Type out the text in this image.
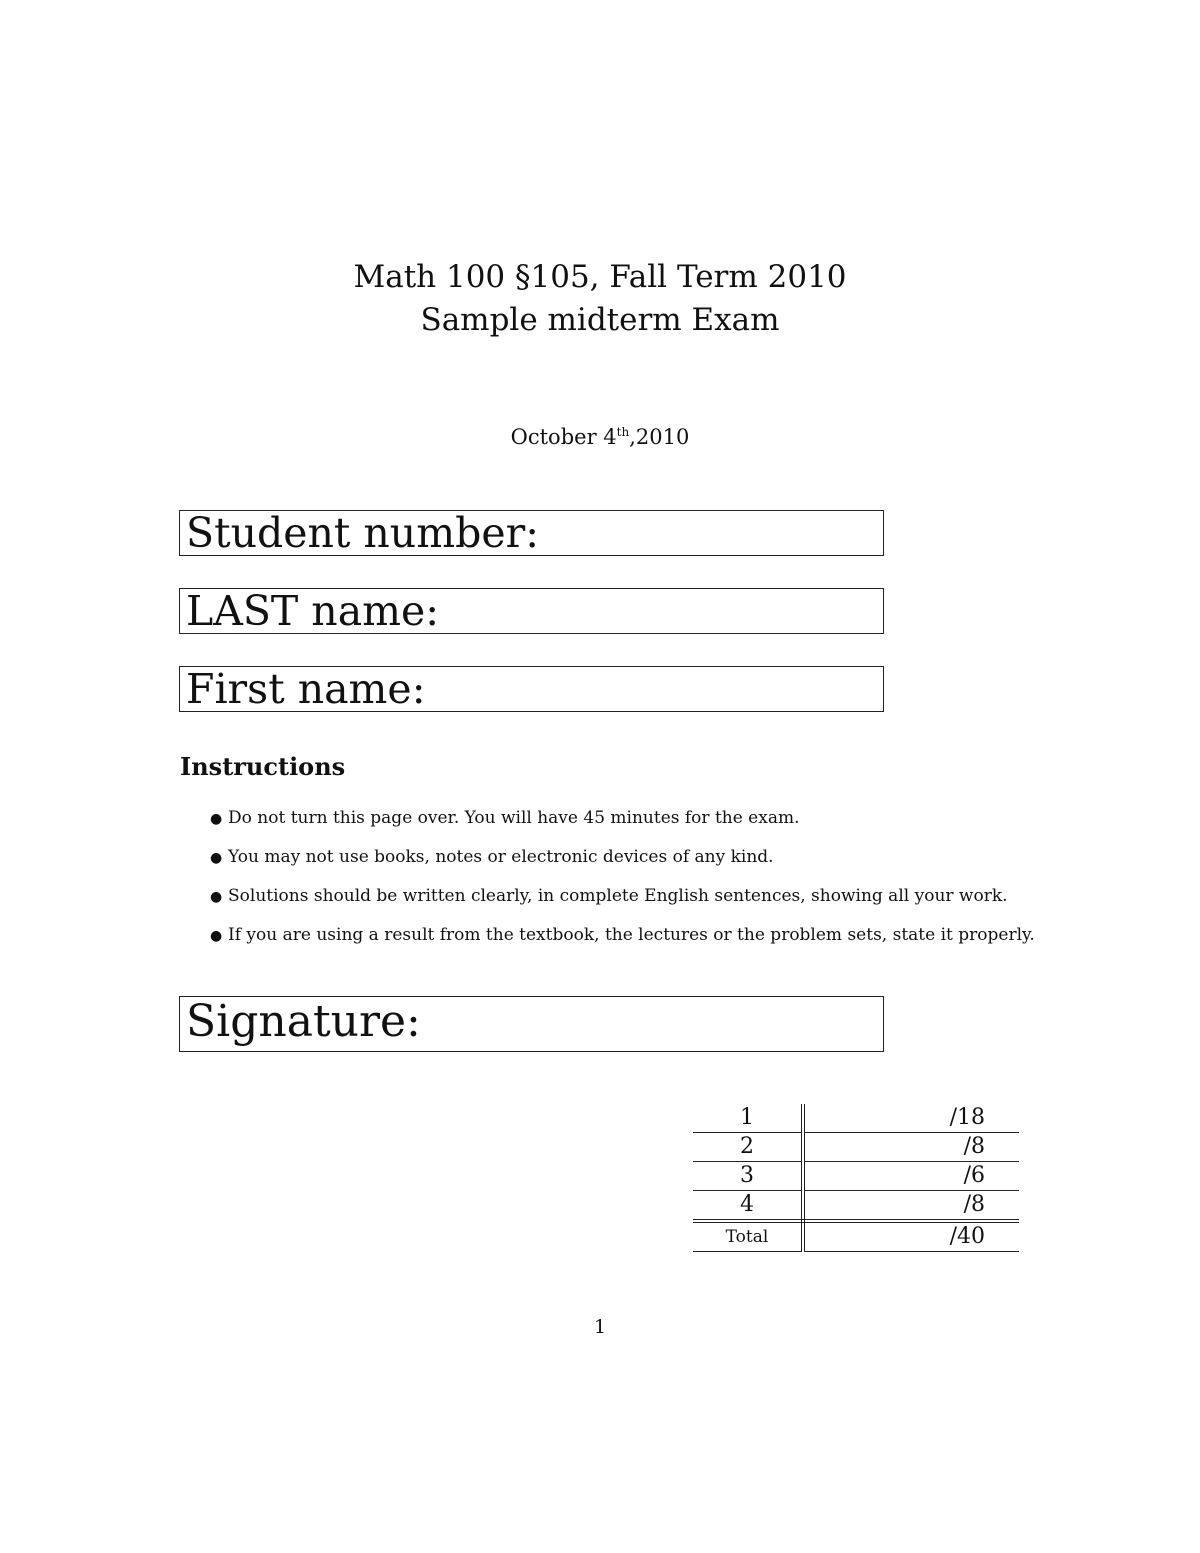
Math 100 §105, Fall Term 2010
Sample midterm Exam
October 4th,2010
Student number:
LAST name:
First name:
Instructions
● Do not turn this page over. You will have 45 minutes for the exam.
● You may not use books, notes or electronic devices of any kind.
● Solutions should be written clearly, in complete English sentences, showing all your work.
● If you are using a result from the textbook, the lectures or the problem sets, state it properly.
Signature:
1	/18
2	/8
3	/6
4	/8
Total	/40
1
